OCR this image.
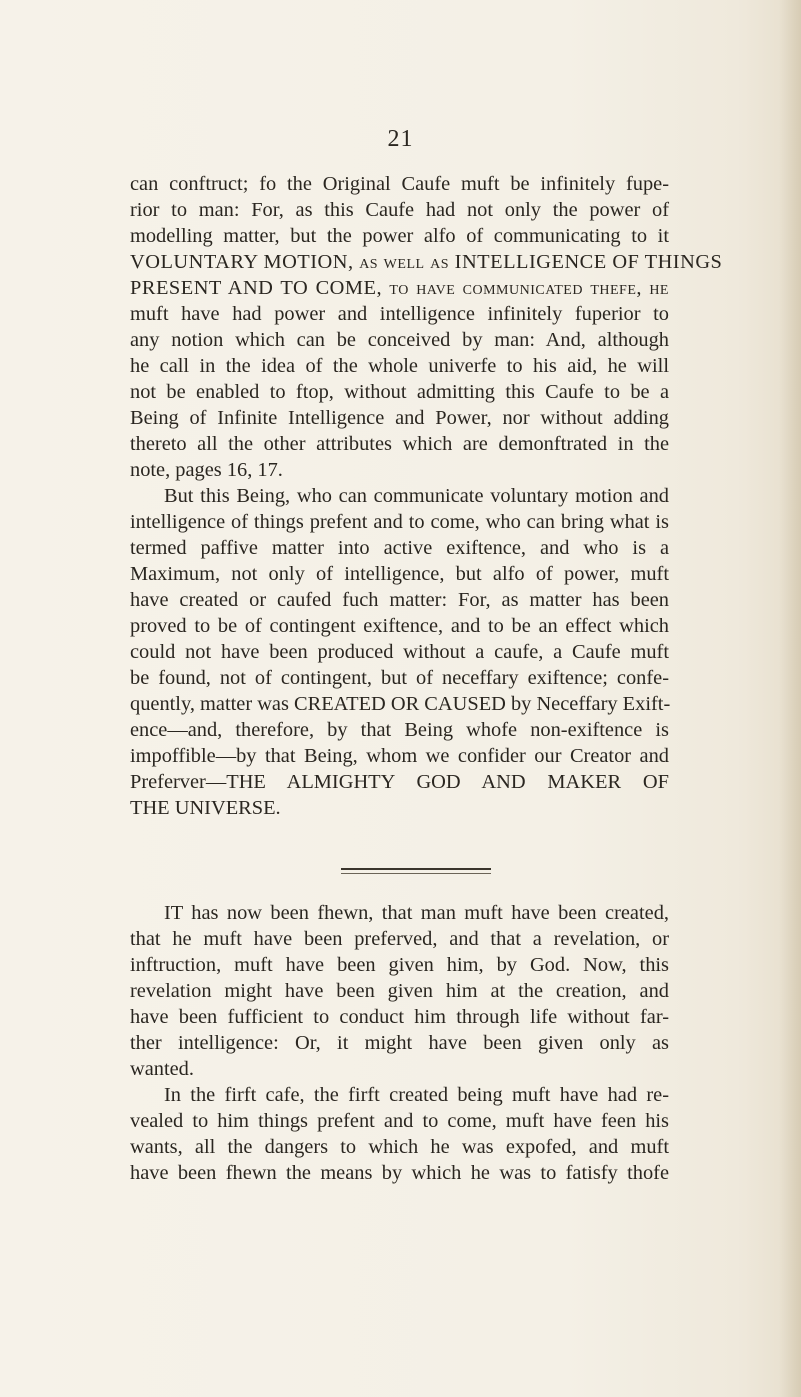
21
can conftruct; fo the Original Caufe muft be infinitely fupe-
rior to man: For, as this Caufe had not only the power of
modelling matter, but the power alfo of communicating to it
VOLUNTARY MOTION, as well as INTELLIGENCE OF THINGS
PRESENT AND TO COME, to have communicated thefe, he
muft have had power and intelligence infinitely fuperior to
any notion which can be conceived by man: And, although
he call in the idea of the whole univerfe to his aid, he will
not be enabled to ftop, without admitting this Caufe to be a
Being of Infinite Intelligence and Power, nor without adding
thereto all the other attributes which are demonftrated in the
note, pages 16, 17.
But this Being, who can communicate voluntary motion and
intelligence of things prefent and to come, who can bring what is
termed paffive matter into active exiftence, and who is a
Maximum, not only of intelligence, but alfo of power, muft
have created or caufed fuch matter: For, as matter has been
proved to be of contingent exiftence, and to be an effect which
could not have been produced without a caufe, a Caufe muft
be found, not of contingent, but of neceffary exiftence; confe-
quently, matter was CREATED OR CAUSED by Neceffary Exift-
ence—and, therefore, by that Being whofe non-exiftence is
impoffible—by that Being, whom we confider our Creator and
Preferver—THE ALMIGHTY GOD AND MAKER OF
THE UNIVERSE.
IT has now been fhewn, that man muft have been created,
that he muft have been preferved, and that a revelation, or
inftruction, muft have been given him, by God. Now, this
revelation might have been given him at the creation, and
have been fufficient to conduct him through life without far-
ther intelligence: Or, it might have been given only as
wanted.
In the firft cafe, the firft created being muft have had re-
vealed to him things prefent and to come, muft have feen his
wants, all the dangers to which he was expofed, and muft
have been fhewn the means by which he was to fatisfy thofe
